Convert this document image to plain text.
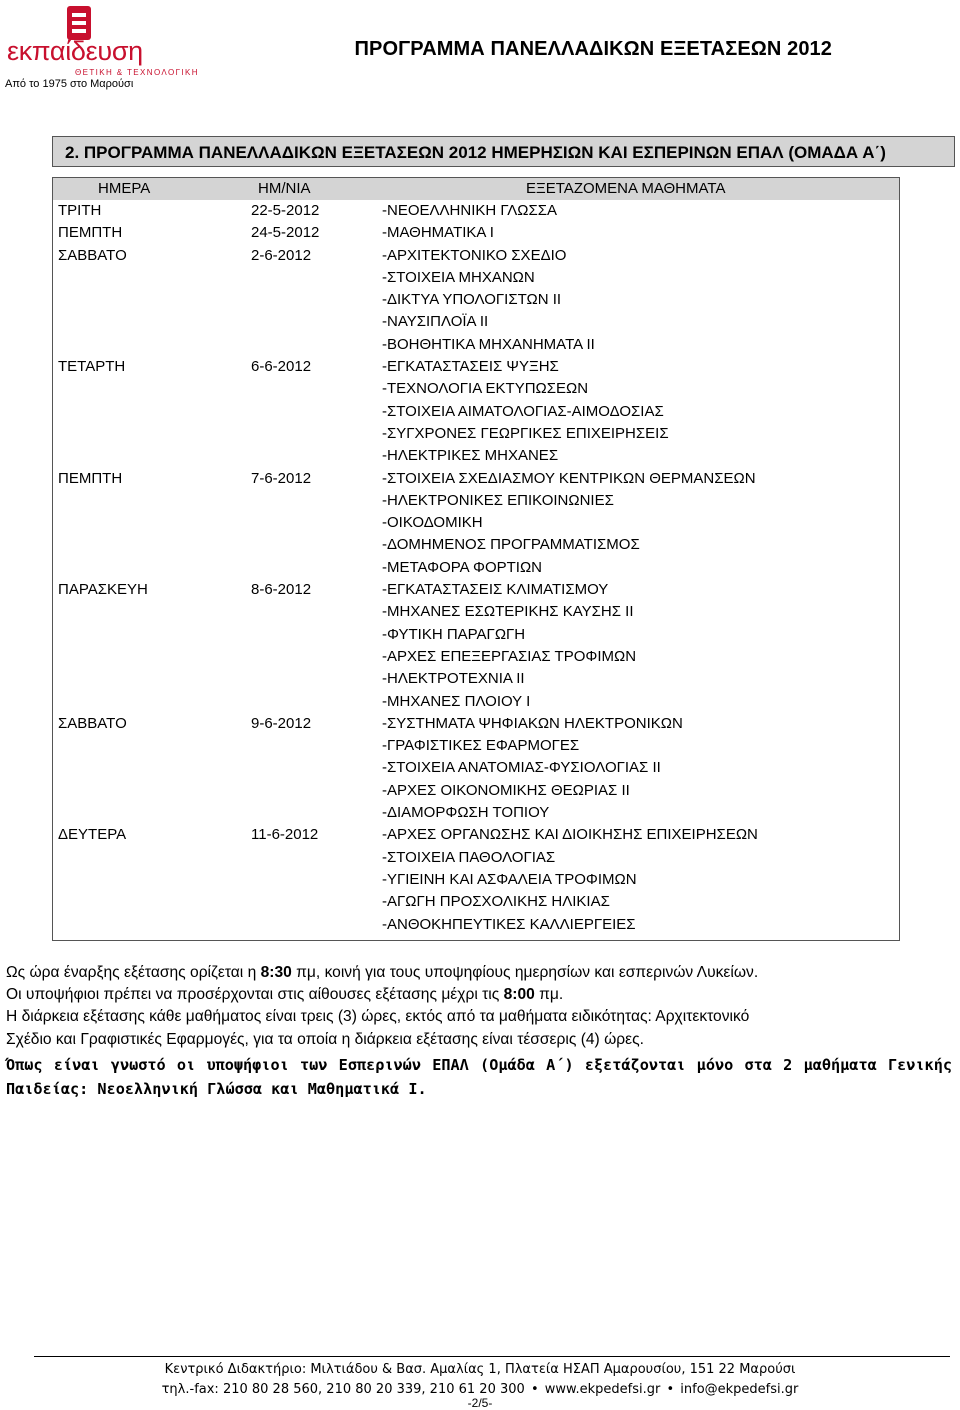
εκπαίδευση
ΘΕΤΙΚΗ & ΤΕΧΝΟΛΟΓΙΚΗ
Από το 1975 στο Μαρούσι
ΠΡΟΓΡΑΜΜΑ ΠΑΝΕΛΛΑΔΙΚΩΝ ΕΞΕΤΑΣΕΩΝ 2012
2. ΠΡΟΓΡΑΜΜΑ ΠΑΝΕΛΛΑΔΙΚΩΝ ΕΞΕΤΑΣΕΩΝ 2012 ΗΜΕΡΗΣΙΩΝ ΚΑΙ ΕΣΠΕΡΙΝΩΝ ΕΠΑΛ (ΟΜΑΔΑ Α΄)
ΗΜΕΡΑ	ΗΜ/ΝΙΑ	ΕΞΕΤΑΖΟΜΕΝΑ ΜΑΘΗΜΑΤΑ
ΤΡΙΤΗ	22-5-2012	-ΝΕΟΕΛΛΗΝΙΚΗ ΓΛΩΣΣΑ
ΠΕΜΠΤΗ	24-5-2012	-ΜΑΘΗΜΑΤΙΚΑ Ι
ΣΑΒΒΑΤΟ	2-6-2012	-ΑΡΧΙΤΕΚΤΟΝΙΚΟ ΣΧΕΔΙΟ
-ΣΤΟΙΧΕΙΑ ΜΗΧΑΝΩΝ
-ΔΙΚΤΥΑ ΥΠΟΛΟΓΙΣΤΩΝ ΙΙ
-ΝΑΥΣΙΠΛΟΪΑ ΙΙ
-ΒΟΗΘΗΤΙΚΑ ΜΗΧΑΝΗΜΑΤΑ ΙΙ
ΤΕΤΑΡΤΗ	6-6-2012	-ΕΓΚΑΤΑΣΤΑΣΕΙΣ ΨΥΞΗΣ
-ΤΕΧΝΟΛΟΓΙΑ ΕΚΤΥΠΩΣΕΩΝ
-ΣΤΟΙΧΕΙΑ ΑΙΜΑΤΟΛΟΓΙΑΣ-ΑΙΜΟΔΟΣΙΑΣ
-ΣΥΓΧΡΟΝΕΣ ΓΕΩΡΓΙΚΕΣ ΕΠΙΧΕΙΡΗΣΕΙΣ
-ΗΛΕΚΤΡΙΚΕΣ ΜΗΧΑΝΕΣ
ΠΕΜΠΤΗ	7-6-2012	-ΣΤΟΙΧΕΙΑ ΣΧΕΔΙΑΣΜΟΥ ΚΕΝΤΡΙΚΩΝ ΘΕΡΜΑΝΣΕΩΝ
-ΗΛΕΚΤΡΟΝΙΚΕΣ ΕΠΙΚΟΙΝΩΝΙΕΣ
-ΟΙΚΟΔΟΜΙΚΗ
-ΔΟΜΗΜΕΝΟΣ ΠΡΟΓΡΑΜΜΑΤΙΣΜΟΣ
-ΜΕΤΑΦΟΡΑ ΦΟΡΤΙΩΝ
ΠΑΡΑΣΚΕΥΗ	8-6-2012	-ΕΓΚΑΤΑΣΤΑΣΕΙΣ ΚΛΙΜΑΤΙΣΜΟΥ
-ΜΗΧΑΝΕΣ ΕΣΩΤΕΡΙΚΗΣ ΚΑΥΣΗΣ ΙΙ
-ΦΥΤΙΚΗ ΠΑΡΑΓΩΓΗ
-ΑΡΧΕΣ ΕΠΕΞΕΡΓΑΣΙΑΣ ΤΡΟΦΙΜΩΝ
-ΗΛΕΚΤΡΟΤΕΧΝΙΑ ΙΙ
-ΜΗΧΑΝΕΣ ΠΛΟΙΟΥ Ι
ΣΑΒΒΑΤΟ	9-6-2012	-ΣΥΣΤΗΜΑΤΑ ΨΗΦΙΑΚΩΝ ΗΛΕΚΤΡΟΝΙΚΩΝ
-ΓΡΑΦΙΣΤΙΚΕΣ ΕΦΑΡΜΟΓΕΣ
-ΣΤΟΙΧΕΙΑ ΑΝΑΤΟΜΙΑΣ-ΦΥΣΙΟΛΟΓΙΑΣ ΙΙ
-ΑΡΧΕΣ ΟΙΚΟΝΟΜΙΚΗΣ ΘΕΩΡΙΑΣ ΙΙ
-ΔΙΑΜΟΡΦΩΣΗ ΤΟΠΙΟΥ
ΔΕΥΤΕΡΑ	11-6-2012	-ΑΡΧΕΣ ΟΡΓΑΝΩΣΗΣ ΚΑΙ ΔΙΟΙΚΗΣΗΣ ΕΠΙΧΕΙΡΗΣΕΩΝ
-ΣΤΟΙΧΕΙΑ ΠΑΘΟΛΟΓΙΑΣ
-ΥΓΙΕΙΝΗ ΚΑΙ ΑΣΦΑΛΕΙΑ ΤΡΟΦΙΜΩΝ
-ΑΓΩΓΗ ΠΡΟΣΧΟΛΙΚΗΣ ΗΛΙΚΙΑΣ
-ΑΝΘΟΚΗΠΕΥΤΙΚΕΣ ΚΑΛΛΙΕΡΓΕΙΕΣ
Ως ώρα έναρξης εξέτασης ορίζεται η 8:30 πμ, κοινή για τους υποψηφίους ημερησίων και εσπερινών Λυκείων.
Οι υποψήφιοι πρέπει να προσέρχονται στις αίθουσες εξέτασης μέχρι τις 8:00 πμ.
Η διάρκεια εξέτασης κάθε μαθήματος είναι τρεις (3) ώρες, εκτός από τα μαθήματα ειδικότητας: Αρχιτεκτονικό
Σχέδιο και Γραφιστικές Εφαρμογές, για τα οποία η διάρκεια εξέτασης είναι τέσσερις (4) ώρες.
Όπως είναι γνωστό οι υποψήφιοι των Εσπερινών ΕΠΑΛ (Ομάδα Α΄) εξετάζονται μόνο στα 2 μαθήματα Γενικής Παιδείας: Νεοελληνική Γλώσσα και Μαθηματικά Ι.
Κεντρικό Διδακτήριο: Μιλτιάδου & Βασ. Αμαλίας 1, Πλατεία ΗΣΑΠ Αμαρουσίου, 151 22 Μαρούσι
τηλ.-fax: 210 80 28 560, 210 80 20 339, 210 61 20 300 • www.ekpedefsi.gr • info@ekpedefsi.gr
-2/5-
